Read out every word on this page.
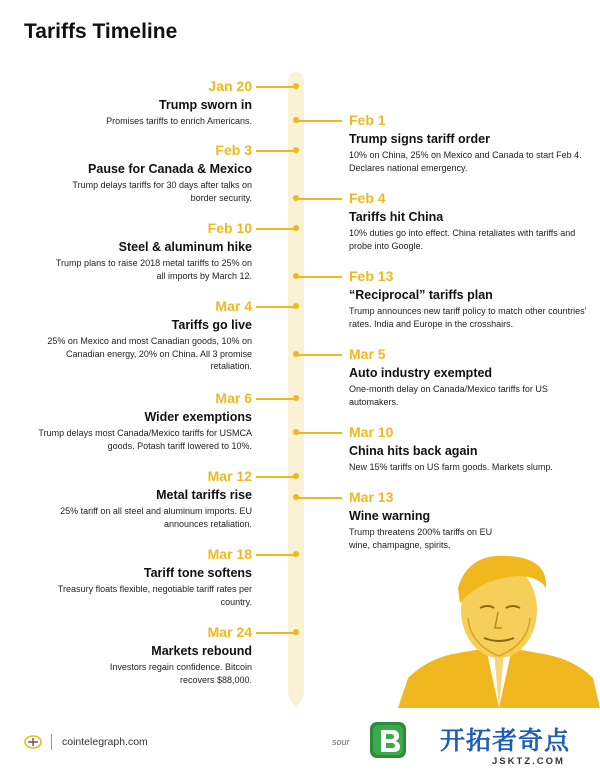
Tariffs Timeline
Jan 20
Trump sworn in
Promises tariffs to enrich Americans.
Feb 3
Pause for Canada & Mexico
Trump delays tariffs for 30 days after talks on border security.
Feb 10
Steel & aluminum hike
Trump plans to raise 2018 metal tariffs to 25% on all imports by March 12.
Mar 4
Tariffs go live
25% on Mexico and most Canadian goods, 10% on Canadian energy, 20% on China. All 3 promise retaliation.
Mar 6
Wider exemptions
Trump delays most Canada/Mexico tariffs for USMCA goods. Potash tariff lowered to 10%.
Mar 12
Metal tariffs rise
25% tariff on all steel and aluminum imports. EU announces retaliation.
Mar 18
Tariff tone softens
Treasury floats flexible, negotiable tariff rates per country.
Mar 24
Markets rebound
Investors regain confidence. Bitcoin recovers $88,000.
Feb 1
Trump signs tariff order
10% on China, 25% on Mexico and Canada to start Feb 4. Declares national emergency.
Feb 4
Tariffs hit China
10% duties go into effect. China retaliates with tariffs and probe into Google.
Feb 13
“Reciprocal” tariffs plan
Trump announces new tariff policy to match other countries' rates. India and Europe in the crosshairs.
Mar 5
Auto industry exempted
One-month delay on Canada/Mexico tariffs for US automakers.
Mar 10
China hits back again
New 15% tariffs on US farm goods. Markets slump.
Mar 13
Wine warning
Trump threatens 200% tariffs on EU wine, champagne, spirits.
cointelegraph.com	sour	开拓者奇点
JSKTZ.COM
